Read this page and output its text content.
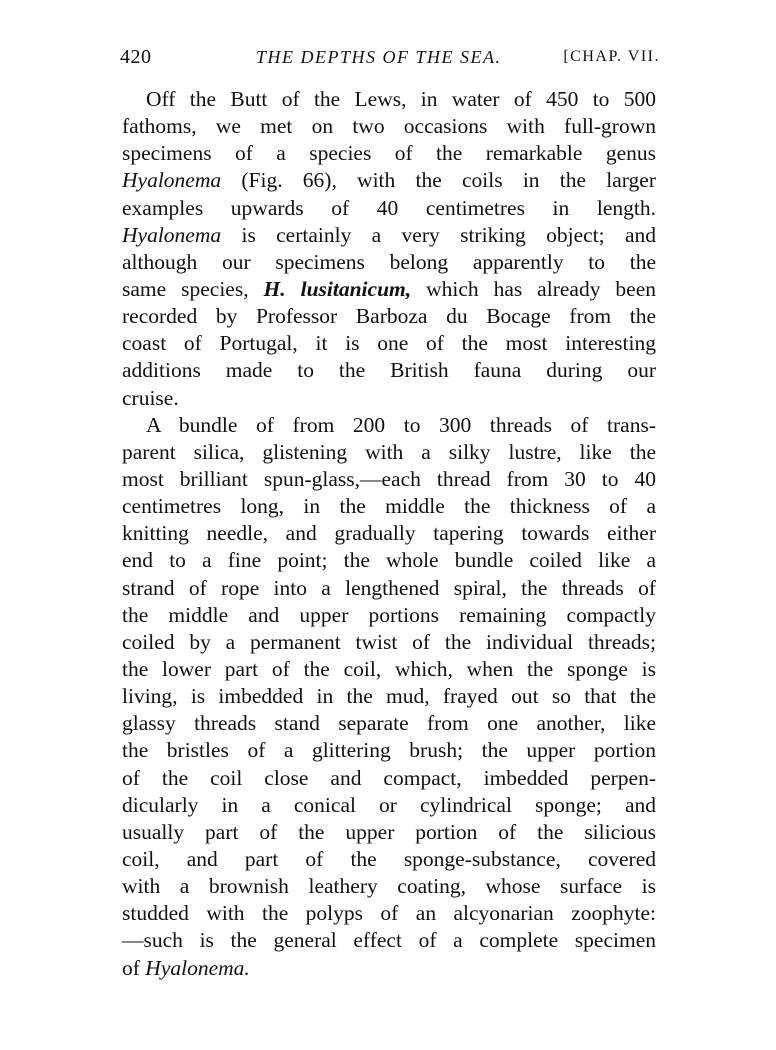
420	THE DEPTHS OF THE SEA.	[CHAP. VII.
Off the Butt of the Lews, in water of 450 to 500
fathoms, we met on two occasions with full-grown
specimens of a species of the remarkable genus
Hyalonema (Fig. 66), with the coils in the larger
examples upwards of 40 centimetres in length.
Hyalonema is certainly a very striking object; and
although our specimens belong apparently to the
same species, H. lusitanicum, which has already been
recorded by Professor Barboza du Bocage from the
coast of Portugal, it is one of the most interesting
additions made to the British fauna during our
cruise.
A bundle of from 200 to 300 threads of trans-
parent silica, glistening with a silky lustre, like the
most brilliant spun-glass,—each thread from 30 to 40
centimetres long, in the middle the thickness of a
knitting needle, and gradually tapering towards either
end to a fine point; the whole bundle coiled like a
strand of rope into a lengthened spiral, the threads of
the middle and upper portions remaining compactly
coiled by a permanent twist of the individual threads;
the lower part of the coil, which, when the sponge is
living, is imbedded in the mud, frayed out so that the
glassy threads stand separate from one another, like
the bristles of a glittering brush; the upper portion
of the coil close and compact, imbedded perpen-
dicularly in a conical or cylindrical sponge; and
usually part of the upper portion of the silicious
coil, and part of the sponge-substance, covered
with a brownish leathery coating, whose surface is
studded with the polyps of an alcyonarian zoophyte:
—such is the general effect of a complete specimen
of Hyalonema.
